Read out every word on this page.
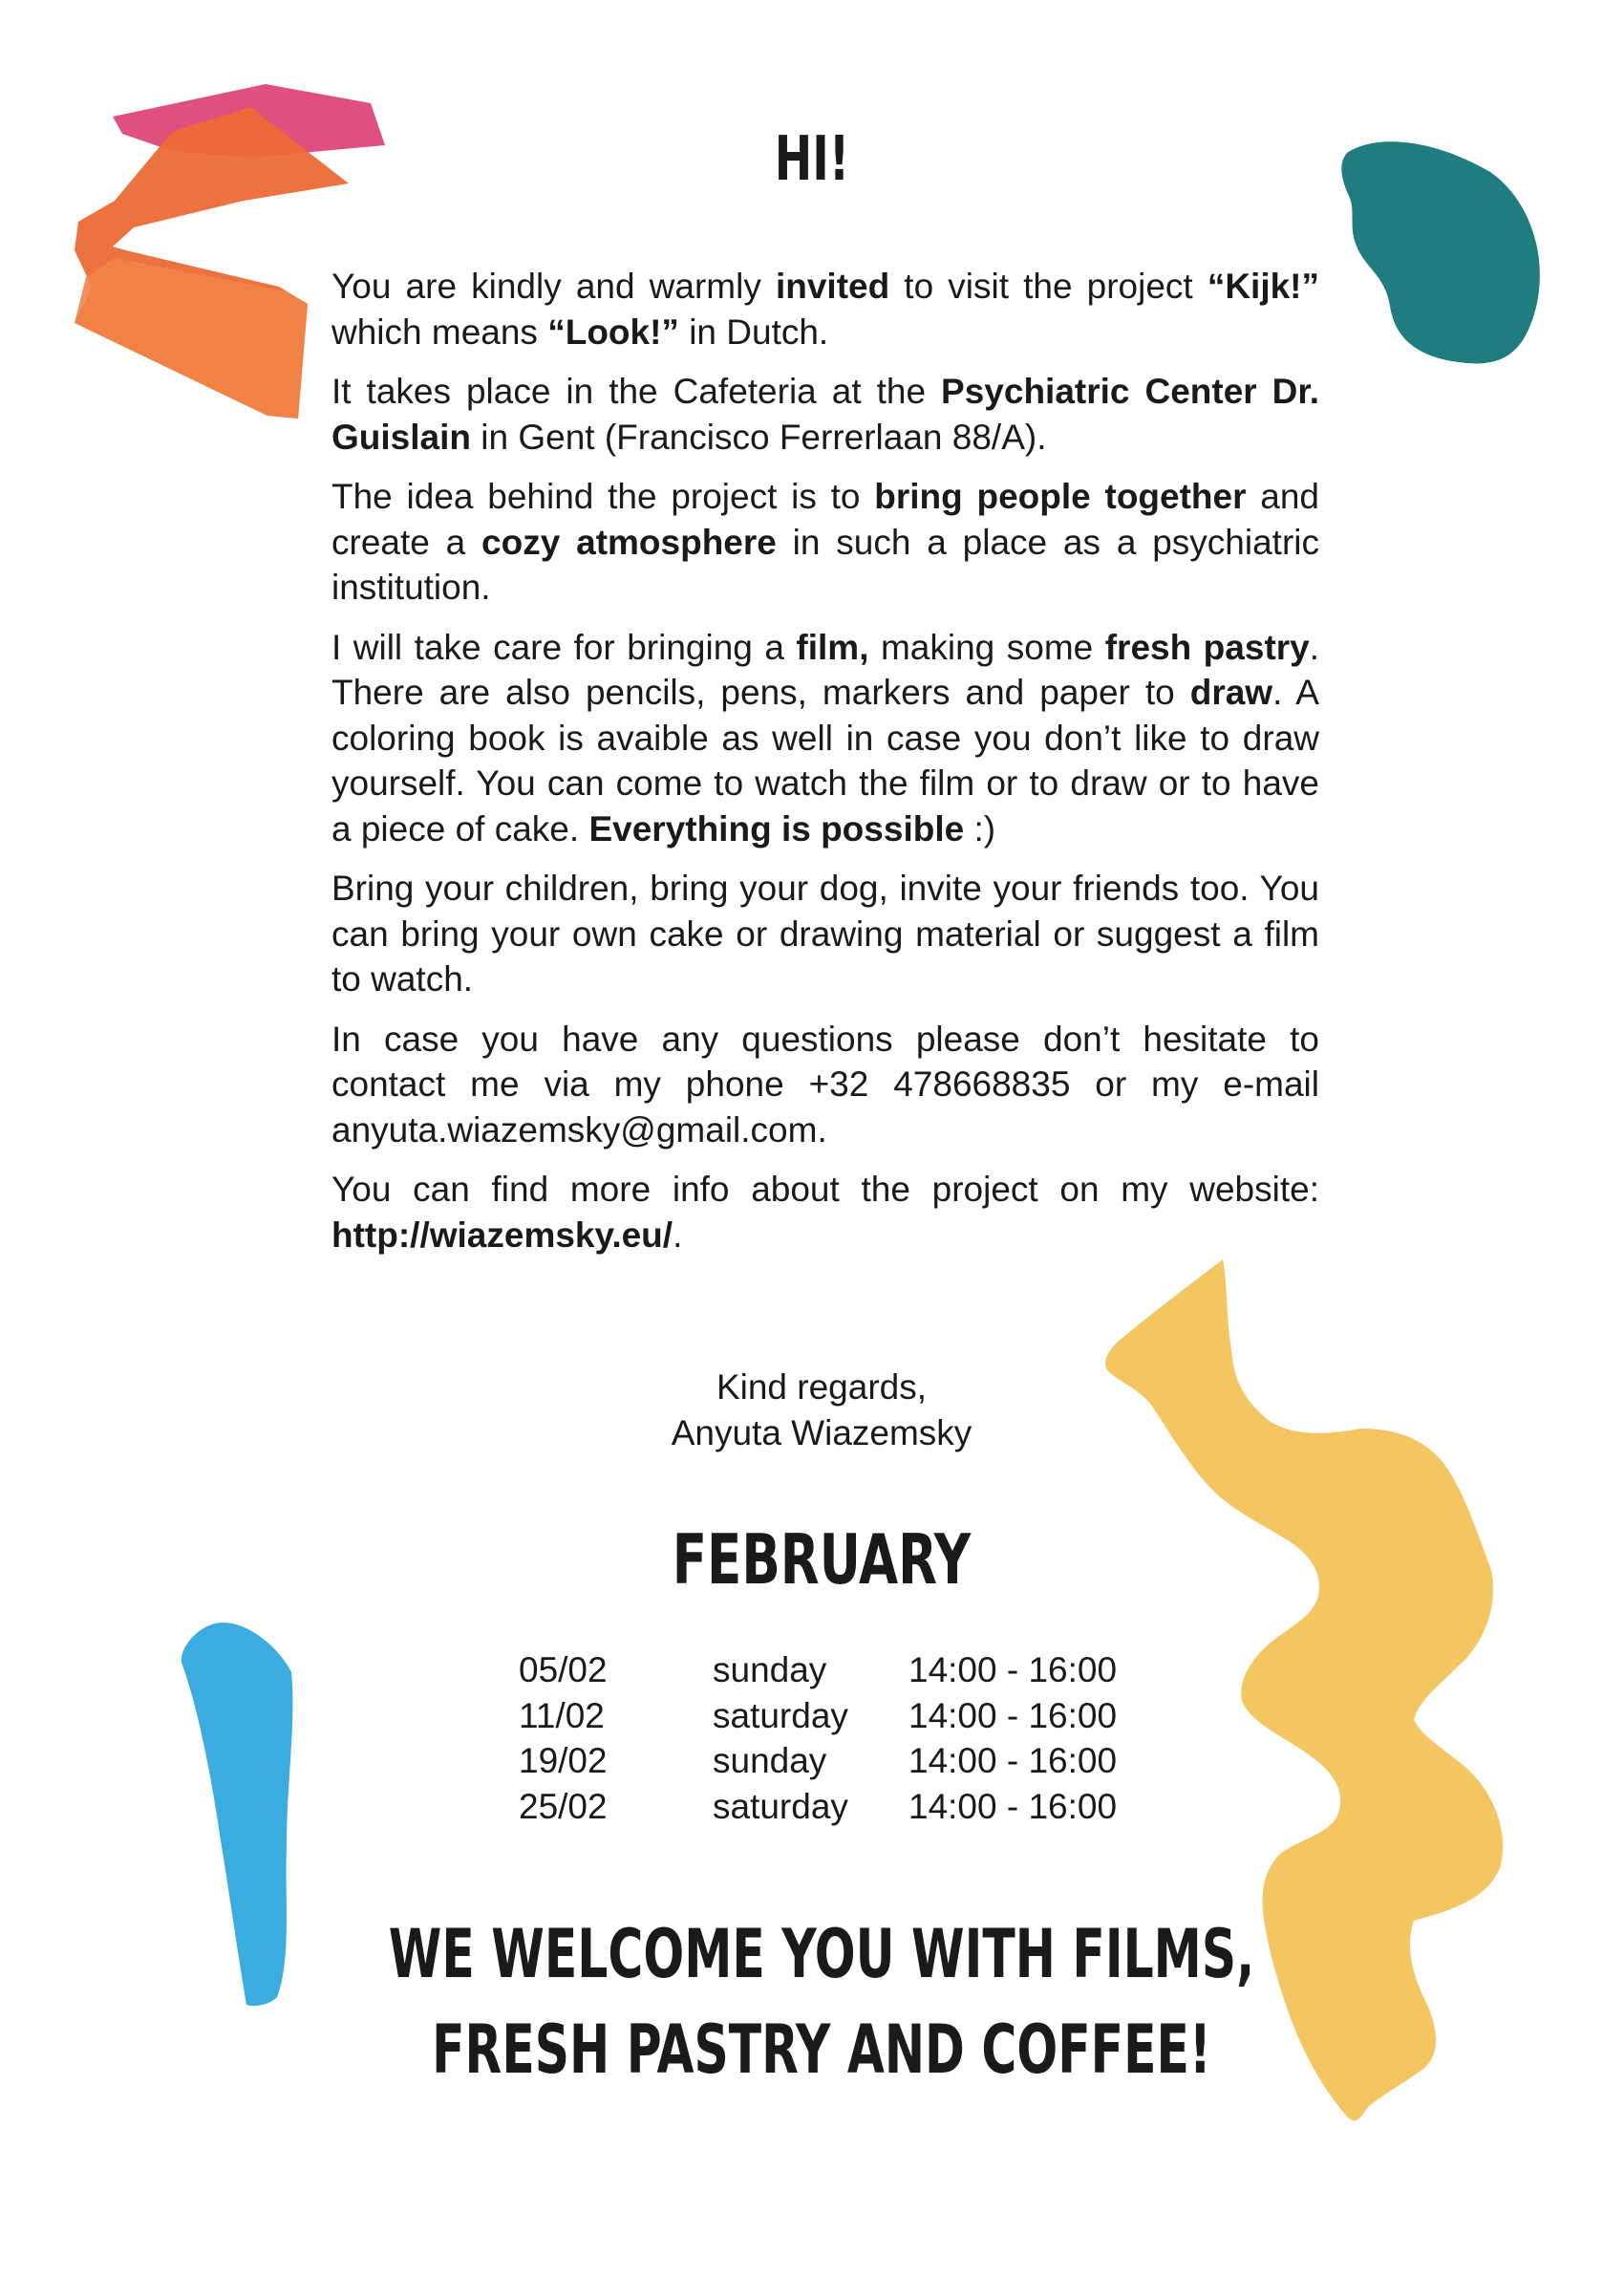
HI!

You are kindly and warmly invited to visit the project “Kijk!” which means “Look!” in Dutch.

It takes place in the Cafeteria at the Psychiatric Center Dr. Guislain in Gent (Francisco Ferrerlaan 88/A).

The idea behind the project is to bring people together and create a cozy atmosphere in such a place as a psychiatric institution.

I will take care for bringing a film, making some fresh pastry. There are also pencils, pens, markers and paper to draw. A coloring book is avaible as well in case you don’t like to draw yourself. You can come to watch the film or to draw or to have a piece of cake. Everything is possible :)

Bring your children, bring your dog, invite your friends too. You can bring your own cake or drawing material or suggest a film to watch.

In case you have any questions please don’t hesitate to contact me via my phone +32 478668835 or my e-mail anyuta.wiazemsky@gmail.com.

You can find more info about the project on my website: http://wiazemsky.eu/.

Kind regards,
Anyuta Wiazemsky
FEBRUARY
05/02	sunday	14:00 - 16:00
11/02	saturday	14:00 - 16:00
19/02	sunday	14:00 - 16:00
25/02	saturday	14:00 - 16:00
WE WELCOME YOU WITH FILMS,
FRESH PASTRY AND COFFEE!
